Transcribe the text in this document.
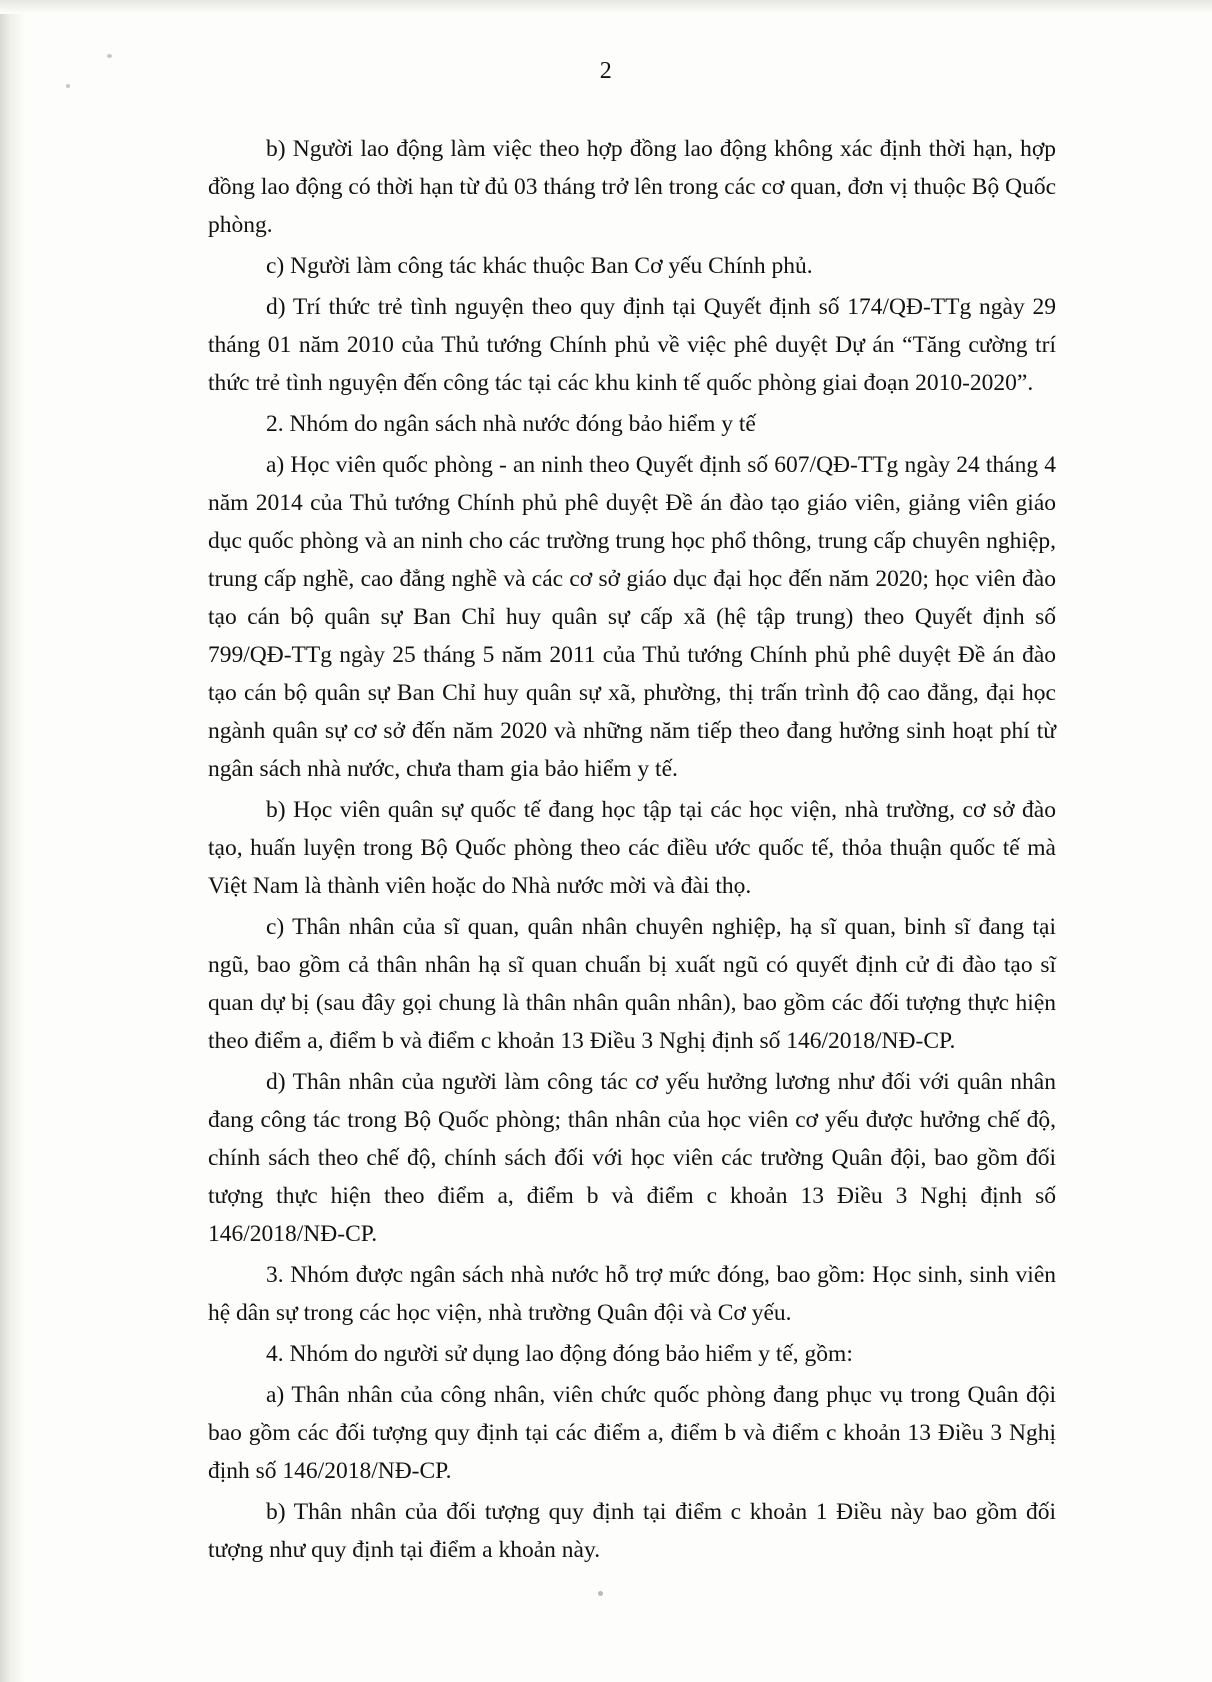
2

b) Người lao động làm việc theo hợp đồng lao động không xác định thời hạn, hợp đồng lao động có thời hạn từ đủ 03 tháng trở lên trong các cơ quan, đơn vị thuộc Bộ Quốc phòng.

c) Người làm công tác khác thuộc Ban Cơ yếu Chính phủ.

d) Trí thức trẻ tình nguyện theo quy định tại Quyết định số 174/QĐ-TTg ngày 29 tháng 01 năm 2010 của Thủ tướng Chính phủ về việc phê duyệt Dự án “Tăng cường trí thức trẻ tình nguyện đến công tác tại các khu kinh tế quốc phòng giai đoạn 2010-2020”.

2. Nhóm do ngân sách nhà nước đóng bảo hiểm y tế

a) Học viên quốc phòng - an ninh theo Quyết định số 607/QĐ-TTg ngày 24 tháng 4 năm 2014 của Thủ tướng Chính phủ phê duyệt Đề án đào tạo giáo viên, giảng viên giáo dục quốc phòng và an ninh cho các trường trung học phổ thông, trung cấp chuyên nghiệp, trung cấp nghề, cao đẳng nghề và các cơ sở giáo dục đại học đến năm 2020; học viên đào tạo cán bộ quân sự Ban Chỉ huy quân sự cấp xã (hệ tập trung) theo Quyết định số 799/QĐ-TTg ngày 25 tháng 5 năm 2011 của Thủ tướng Chính phủ phê duyệt Đề án đào tạo cán bộ quân sự Ban Chỉ huy quân sự xã, phường, thị trấn trình độ cao đẳng, đại học ngành quân sự cơ sở đến năm 2020 và những năm tiếp theo đang hưởng sinh hoạt phí từ ngân sách nhà nước, chưa tham gia bảo hiểm y tế.

b) Học viên quân sự quốc tế đang học tập tại các học viện, nhà trường, cơ sở đào tạo, huấn luyện trong Bộ Quốc phòng theo các điều ước quốc tế, thỏa thuận quốc tế mà Việt Nam là thành viên hoặc do Nhà nước mời và đài thọ.

c) Thân nhân của sĩ quan, quân nhân chuyên nghiệp, hạ sĩ quan, binh sĩ đang tại ngũ, bao gồm cả thân nhân hạ sĩ quan chuẩn bị xuất ngũ có quyết định cử đi đào tạo sĩ quan dự bị (sau đây gọi chung là thân nhân quân nhân), bao gồm các đối tượng thực hiện theo điểm a, điểm b và điểm c khoản 13 Điều 3 Nghị định số 146/2018/NĐ-CP.

d) Thân nhân của người làm công tác cơ yếu hưởng lương như đối với quân nhân đang công tác trong Bộ Quốc phòng; thân nhân của học viên cơ yếu được hưởng chế độ, chính sách theo chế độ, chính sách đối với học viên các trường Quân đội, bao gồm đối tượng thực hiện theo điểm a, điểm b và điểm c khoản 13 Điều 3 Nghị định số 146/2018/NĐ-CP.

3. Nhóm được ngân sách nhà nước hỗ trợ mức đóng, bao gồm: Học sinh, sinh viên hệ dân sự trong các học viện, nhà trường Quân đội và Cơ yếu.

4. Nhóm do người sử dụng lao động đóng bảo hiểm y tế, gồm:

a) Thân nhân của công nhân, viên chức quốc phòng đang phục vụ trong Quân đội bao gồm các đối tượng quy định tại các điểm a, điểm b và điểm c khoản 13 Điều 3 Nghị định số 146/2018/NĐ-CP.

b) Thân nhân của đối tượng quy định tại điểm c khoản 1 Điều này bao gồm đối tượng như quy định tại điểm a khoản này.
